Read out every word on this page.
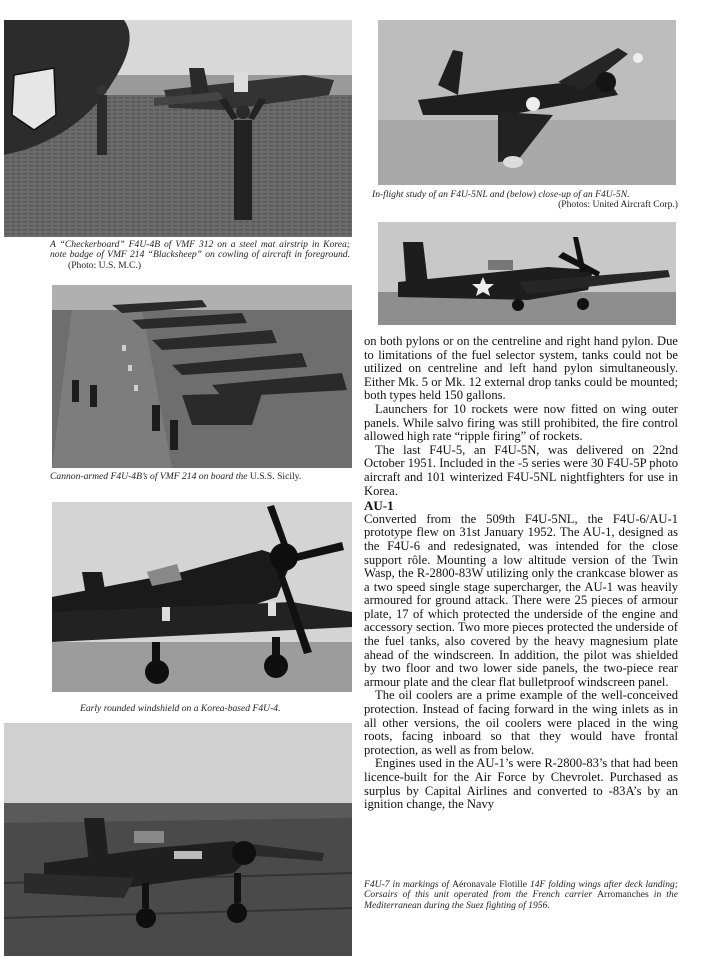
A “Checkerboard” F4U-4B of VMF 312 on a steel mat airstrip in Korea; note badge of VMF 214 “Blacksheep” on cowling of aircraft in foreground. (Photo: U.S. M.C.)
In-flight study of an F4U-5NL and (below) close-up of an F4U-5N.
(Photos: United Aircraft Corp.)
Cannon-armed F4U-4B’s of VMF 214 on board the U.S.S. Sicily.
Early rounded windshield on a Korea-based F4U-4.
F4U-7 in markings of Aéronavale Flotille 14F folding wings after deck landing; Corsairs of this unit operated from the French carrier Arromanches in the Mediterranean during the Suez fighting of 1956.

on both pylons or on the centreline and right hand pylon. Due to limitations of the fuel selector system, tanks could not be utilized on centreline and left hand pylon simultaneously. Either Mk. 5 or Mk. 12 external drop tanks could be mounted; both types held 150 gallons.

Launchers for 10 rockets were now fitted on wing outer panels. While salvo firing was still prohibited, the fire control allowed high rate “ripple firing” of rockets.

The last F4U-5, an F4U-5N, was delivered on 22nd October 1951. Included in the -5 series were 30 F4U-5P photo aircraft and 101 winterized F4U-5NL nightfighters for use in Korea.

AU-1

Converted from the 509th F4U-5NL, the F4U-6/AU-1 prototype flew on 31st January 1952. The AU-1, designed as the F4U-6 and redesignated, was intended for the close support rôle. Mounting a low altitude version of the Twin Wasp, the R-2800-83W utilizing only the crankcase blower as a two speed single stage supercharger, the AU-1 was heavily armoured for ground attack. There were 25 pieces of armour plate, 17 of which protected the underside of the engine and accessory section. Two more pieces protected the underside of the fuel tanks, also covered by the heavy magnesium plate ahead of the windscreen. In addition, the pilot was shielded by two floor and two lower side panels, the two-piece rear armour plate and the clear flat bulletproof windscreen panel.

The oil coolers are a prime example of the well-conceived protection. Instead of facing forward in the wing inlets as in all other versions, the oil coolers were placed in the wing roots, facing inboard so that they would have frontal protection, as well as from below.

Engines used in the AU-1’s were R-2800-83’s that had been licence-built for the Air Force by Chevrolet. Purchased as surplus by Capital Airlines and converted to -83A’s by an ignition change, the Navy
